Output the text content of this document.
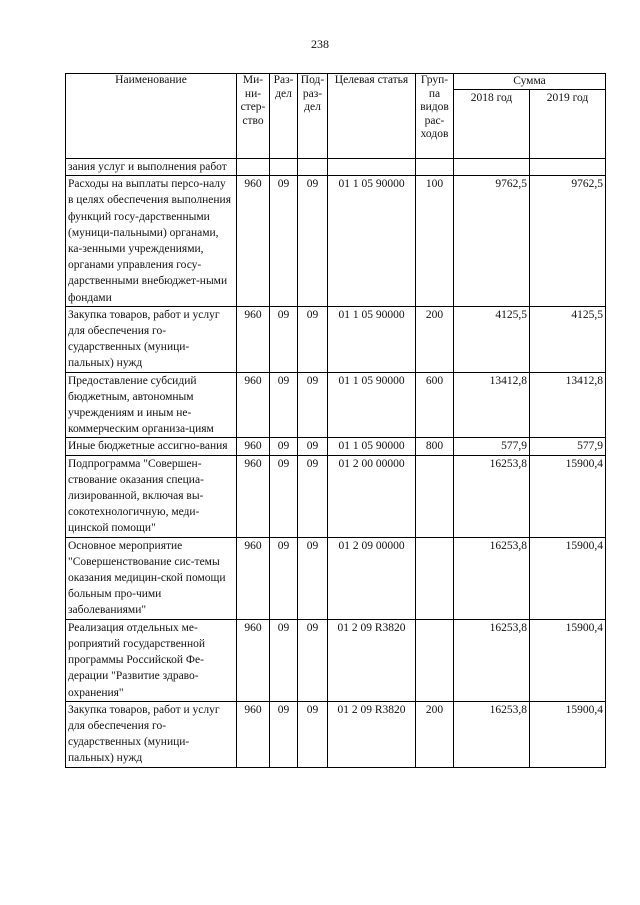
238
Наименование	Ми-ни-стер-ство	Раз-дел	Под-раз-дел	Целевая статья	Груп-па видов рас-ходов	Сумма	
						2018 год	2019 год
зания услуг и выполнения работ							
Расходы на выплаты персо-налу в целях обеспечения выполнения функций госу-дарственными (муници-пальными) органами, ка-зенными учреждениями, органами управления госу-дарственными внебюджет-ными фондами	960	09	09	01 1 05 90000	100	9762,5	9762,5
Закупка товаров, работ и услуг для обеспечения го-сударственных (муници-пальных) нужд	960	09	09	01 1 05 90000	200	4125,5	4125,5
Предоставление субсидий бюджетным, автономным учреждениям и иным не-коммерческим организа-циям	960	09	09	01 1 05 90000	600	13412,8	13412,8
Иные бюджетные ассигно-вания	960	09	09	01 1 05 90000	800	577,9	577,9
Подпрограмма "Совершен-ствование оказания специа-лизированной, включая вы-сокотехнологичную, меди-цинской помощи"	960	09	09	01 2 00 00000		16253,8	15900,4
Основное мероприятие "Совершенствование сис-темы оказания медицин-ской помощи больным про-чими заболеваниями"	960	09	09	01 2 09 00000		16253,8	15900,4
Реализация отдельных ме-роприятий государственной программы Российской Фе-дерации "Развитие здраво-охранения"	960	09	09	01 2 09 R3820		16253,8	15900,4
Закупка товаров, работ и услуг для обеспечения го-сударственных (муници-пальных) нужд	960	09	09	01 2 09 R3820	200	16253,8	15900,4
